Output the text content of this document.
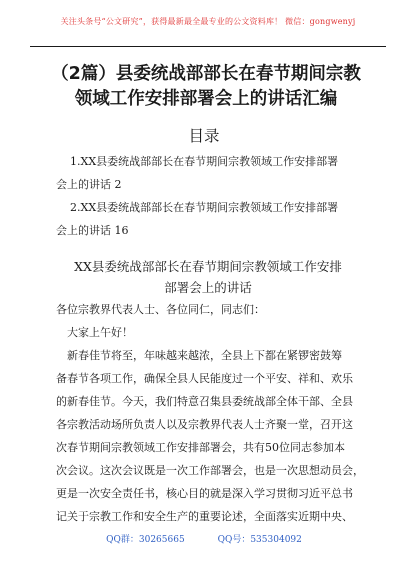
关注头条号“公文研究”，获得最新最全最专业的公文资料库！ 微信：gongwenyj
（2篇）县委统战部部长在春节期间宗教
领域工作安排部署会上的讲话汇编
目录
1.XX县委统战部部长在春节期间宗教领域工作安排部署
会上的讲话 2
2.XX县委统战部部长在春节期间宗教领域工作安排部署
会上的讲话 16
XX县委统战部部长在春节期间宗教领域工作安排
部署会上的讲话
各位宗教界代表人士、各位同仁，同志们：
大家上午好！
新春佳节将至，年味越来越浓，全县上下都在紧锣密鼓筹
备春节各项工作，确保全县人民能度过一个平安、祥和、欢乐
的新春佳节。今天，我们特意召集县委统战部全体干部、全县
各宗教活动场所负责人以及宗教界代表人士齐聚一堂，召开这
次春节期间宗教领域工作安排部署会，共有50位同志参加本
次会议。这次会议既是一次工作部署会，也是一次思想动员会，
更是一次安全责任书，核心目的就是深入学习贯彻习近平总书
记关于宗教工作和安全生产的重要论述，全面落实近期中央、
QQ群：30265665	QQ号：535304092
